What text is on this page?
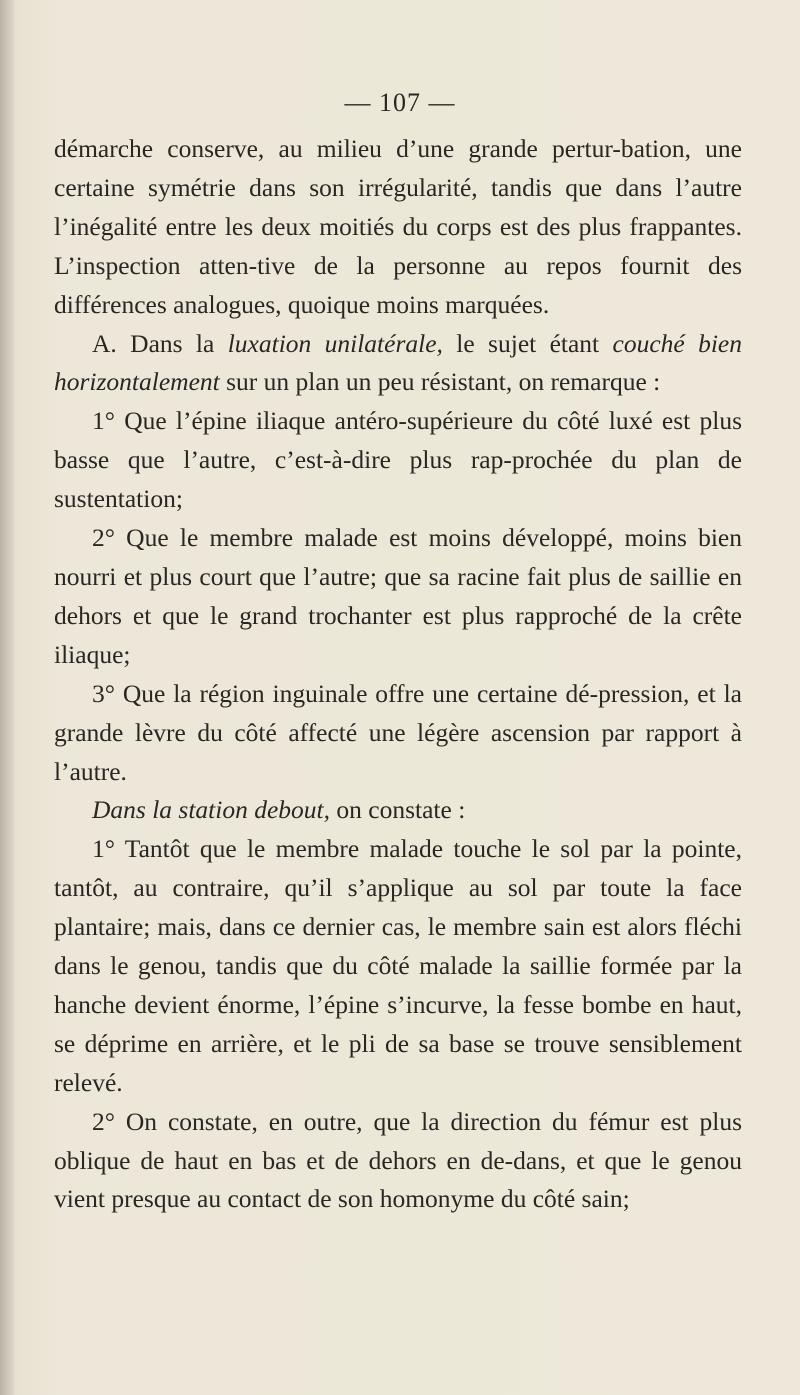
— 107 —

démarche conserve, au milieu d’une grande pertur-bation, une certaine symétrie dans son irrégularité, tandis que dans l’autre l’inégalité entre les deux moitiés du corps est des plus frappantes. L’inspection atten-tive de la personne au repos fournit des différences analogues, quoique moins marquées.

A. Dans la luxation unilatérale, le sujet étant couché bien horizontalement sur un plan un peu résistant, on remarque :

1° Que l’épine iliaque antéro-supérieure du côté luxé est plus basse que l’autre, c’est-à-dire plus rap-prochée du plan de sustentation;

2° Que le membre malade est moins développé, moins bien nourri et plus court que l’autre; que sa racine fait plus de saillie en dehors et que le grand trochanter est plus rapproché de la crête iliaque;

3° Que la région inguinale offre une certaine dé-pression, et la grande lèvre du côté affecté une légère ascension par rapport à l’autre.

Dans la station debout, on constate :

1° Tantôt que le membre malade touche le sol par la pointe, tantôt, au contraire, qu’il s’applique au sol par toute la face plantaire; mais, dans ce dernier cas, le membre sain est alors fléchi dans le genou, tandis que du côté malade la saillie formée par la hanche devient énorme, l’épine s’incurve, la fesse bombe en haut, se déprime en arrière, et le pli de sa base se trouve sensiblement relevé.

2° On constate, en outre, que la direction du fémur est plus oblique de haut en bas et de dehors en de-dans, et que le genou vient presque au contact de son homonyme du côté sain;
